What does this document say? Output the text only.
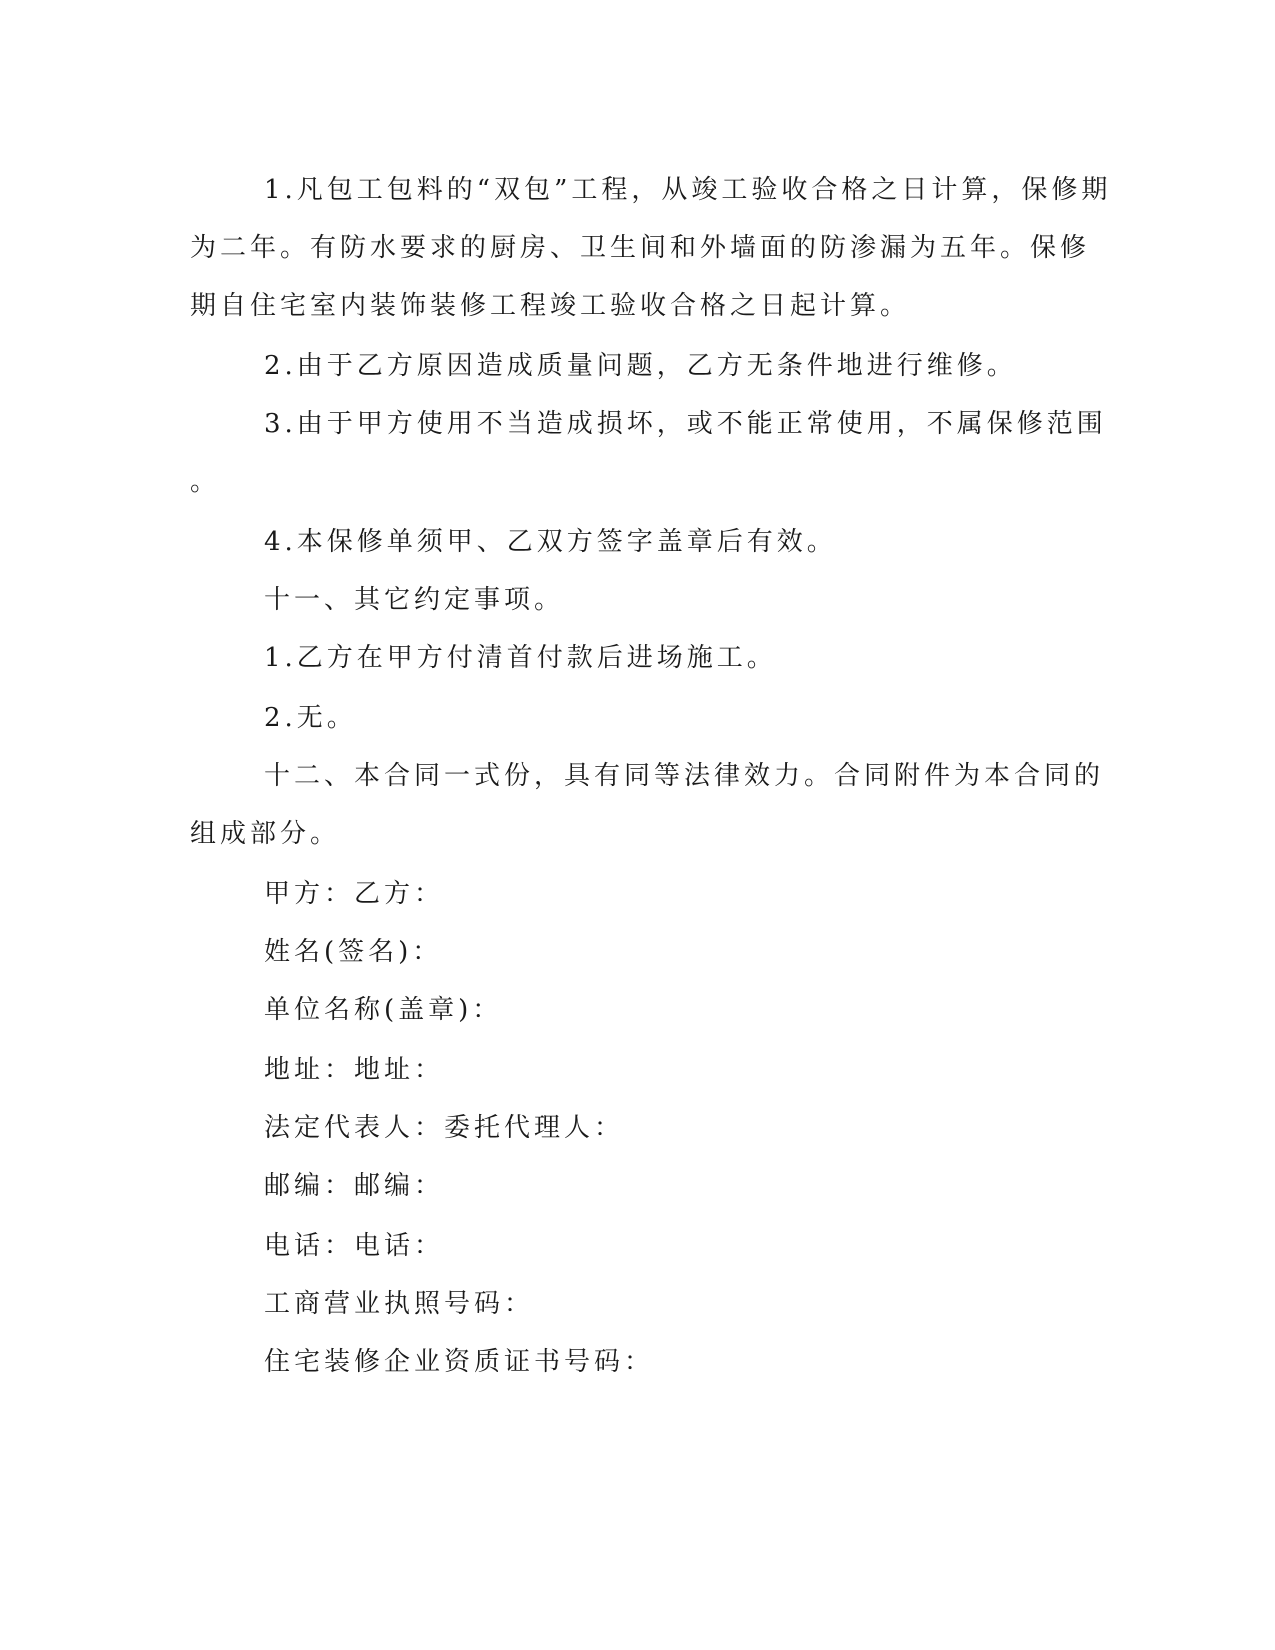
1.凡包工包料的“双包”工程，从竣工验收合格之日计算，保修期
为二年。有防水要求的厨房、卫生间和外墙面的防渗漏为五年。保修
期自住宅室内装饰装修工程竣工验收合格之日起计算。
2.由于乙方原因造成质量问题，乙方无条件地进行维修。
3.由于甲方使用不当造成损坏，或不能正常使用，不属保修范围
。
4.本保修单须甲、乙双方签字盖章后有效。
十一、其它约定事项。
1.乙方在甲方付清首付款后进场施工。
2.无。
十二、本合同一式份，具有同等法律效力。合同附件为本合同的
组成部分。
甲方：乙方：
姓名(签名)：
单位名称(盖章)：
地址：地址：
法定代表人：委托代理人：
邮编：邮编：
电话：电话：
工商营业执照号码：
住宅装修企业资质证书号码：
